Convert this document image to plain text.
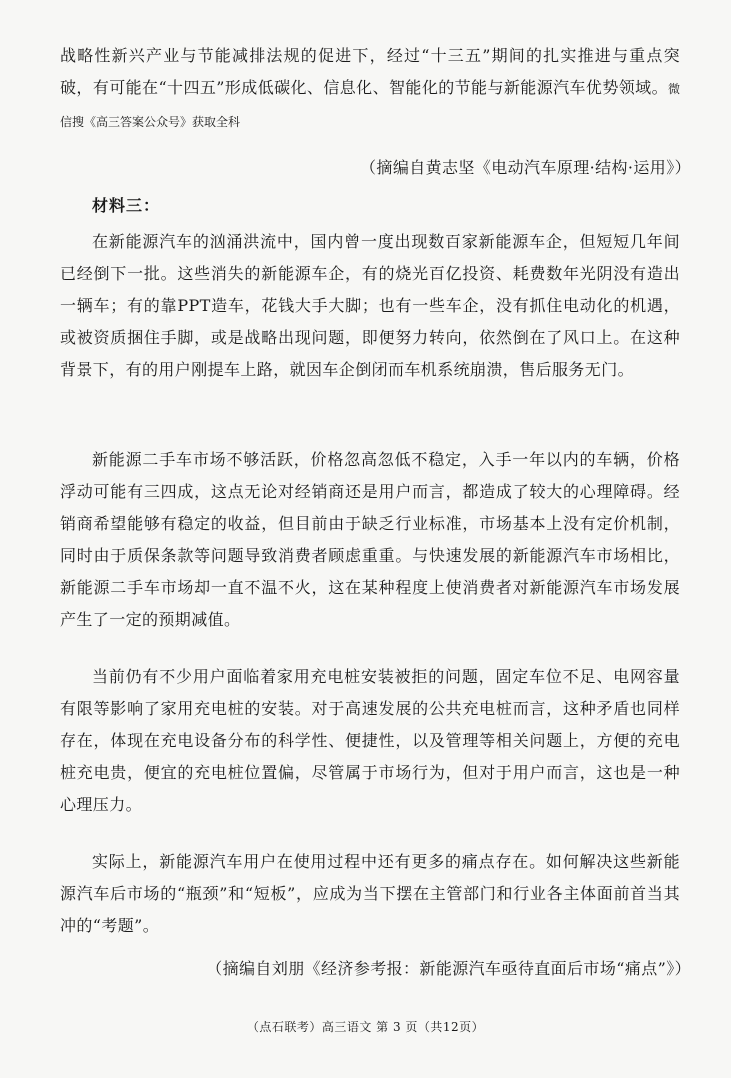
战略性新兴产业与节能减排法规的促进下，经过“十三五”期间的扎实推进与重点突破，有可能在“十四五”形成低碳化、信息化、智能化的节能与新能源汽车优势领域。微信搜《高三答案公众号》获取全科

（摘编自黄志坚《电动汽车原理·结构·运用》）

材料三：

在新能源汽车的汹涌洪流中，国内曾一度出现数百家新能源车企，但短短几年间已经倒下一批。这些消失的新能源车企，有的烧光百亿投资、耗费数年光阴没有造出一辆车；有的靠PPT造车，花钱大手大脚；也有一些车企，没有抓住电动化的机遇，或被资质捆住手脚，或是战略出现问题，即便努力转向，依然倒在了风口上。在这种背景下，有的用户刚提车上路，就因车企倒闭而车机系统崩溃，售后服务无门。

新能源二手车市场不够活跃，价格忽高忽低不稳定，入手一年以内的车辆，价格浮动可能有三四成，这点无论对经销商还是用户而言，都造成了较大的心理障碍。经销商希望能够有稳定的收益，但目前由于缺乏行业标准，市场基本上没有定价机制，同时由于质保条款等问题导致消费者顾虑重重。与快速发展的新能源汽车市场相比，新能源二手车市场却一直不温不火，这在某种程度上使消费者对新能源汽车市场发展产生了一定的预期减值。

当前仍有不少用户面临着家用充电桩安装被拒的问题，固定车位不足、电网容量有限等影响了家用充电桩的安装。对于高速发展的公共充电桩而言，这种矛盾也同样存在，体现在充电设备分布的科学性、便捷性，以及管理等相关问题上，方便的充电桩充电贵，便宜的充电桩位置偏，尽管属于市场行为，但对于用户而言，这也是一种心理压力。

实际上，新能源汽车用户在使用过程中还有更多的痛点存在。如何解决这些新能源汽车后市场的“瓶颈”和“短板”，应成为当下摆在主管部门和行业各主体面前首当其冲的“考题”。

（摘编自刘朋《经济参考报：新能源汽车亟待直面后市场“痛点”》）

（点石联考）高三语文 第 3 页（共12页）
